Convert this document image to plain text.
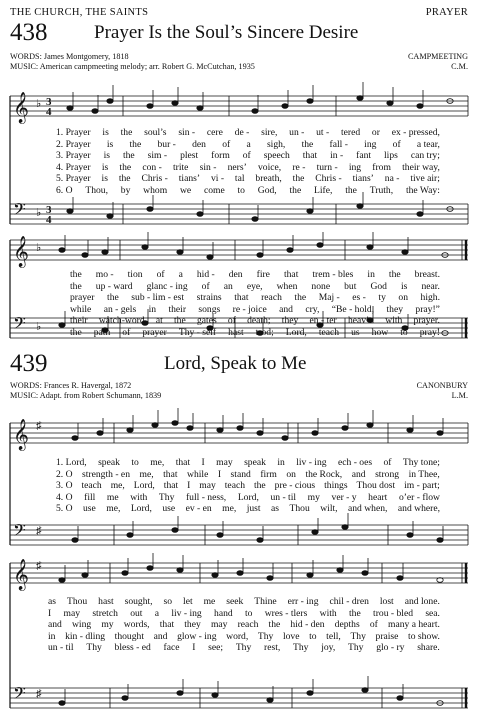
THE CHURCH, THE SAINTS	PRAYER
438 Prayer Is the Soul’s Sincere Desire
WORDS: James Montgomery, 1818
MUSIC: American campmeeting melody; arr. Robert G. McCutchan, 1935
CAMPMEETING
C.M.
𝄞
𝄢
♭
♭
3
4
3
4
1. Prayer is the soul’s sin - cere de - sire, un - ut - tered or ex - pressed,
2. Prayer is the bur - den of a sigh, the fall - ing of a tear,
3. Prayer is the sim - plest form of speech that in - fant lips can try;
4. Prayer is the con - trite sin - ners’ voice, re - turn - ing from their way,
5. Prayer is the Chris - tians’ vi - tal breath, the Chris - tians’ na - tive air;
6. O Thou, by whom we come to God, the Life, the Truth, the Way:
𝄞
𝄢
♭
♭
the mo - tion of a hid - den fire that trem - bles in the breast.
the up - ward glanc - ing of an eye, when none but God is near.
prayer the sub - lim - est strains that reach the Maj - es - ty on high.
while an - gels in their songs re - joice and cry, “Be - hold, they pray!”
their watch-word at the gates of death; they en - ter heav’n with prayer.
the path of prayer Thy - self hast trod; Lord, teach us how to pray!
439	Lord, Speak to Me
WORDS: Frances R. Havergal, 1872
MUSIC: Adapt. from Robert Schumann, 1839
CANONBURY
L.M.
𝄞
𝄢
♯
♯
1. Lord, speak to me, that I may speak in liv - ing ech - oes of Thy tone;
2. O strength - en me, that while I stand firm on the Rock, and strong in Thee,
3. O teach me, Lord, that I may teach the pre - cious things Thou dost im - part;
4. O fill me with Thy full - ness, Lord, un - til my ver - y heart o’er - flow
5. O use me, Lord, use ev - en me, just as Thou wilt, and when, and where,
𝄞
𝄢
♯
♯
as Thou hast sought, so let me seek Thine err - ing chil - dren lost and lone.
I may stretch out a liv - ing hand to wres - tlers with the trou - bled sea.
and wing my words, that they may reach the hid - den depths of many a heart.
in kin - dling thought and glow - ing word, Thy love to tell, Thy praise to show.
un - til Thy bless - ed face I see; Thy rest, Thy joy, Thy glo - ry share.
